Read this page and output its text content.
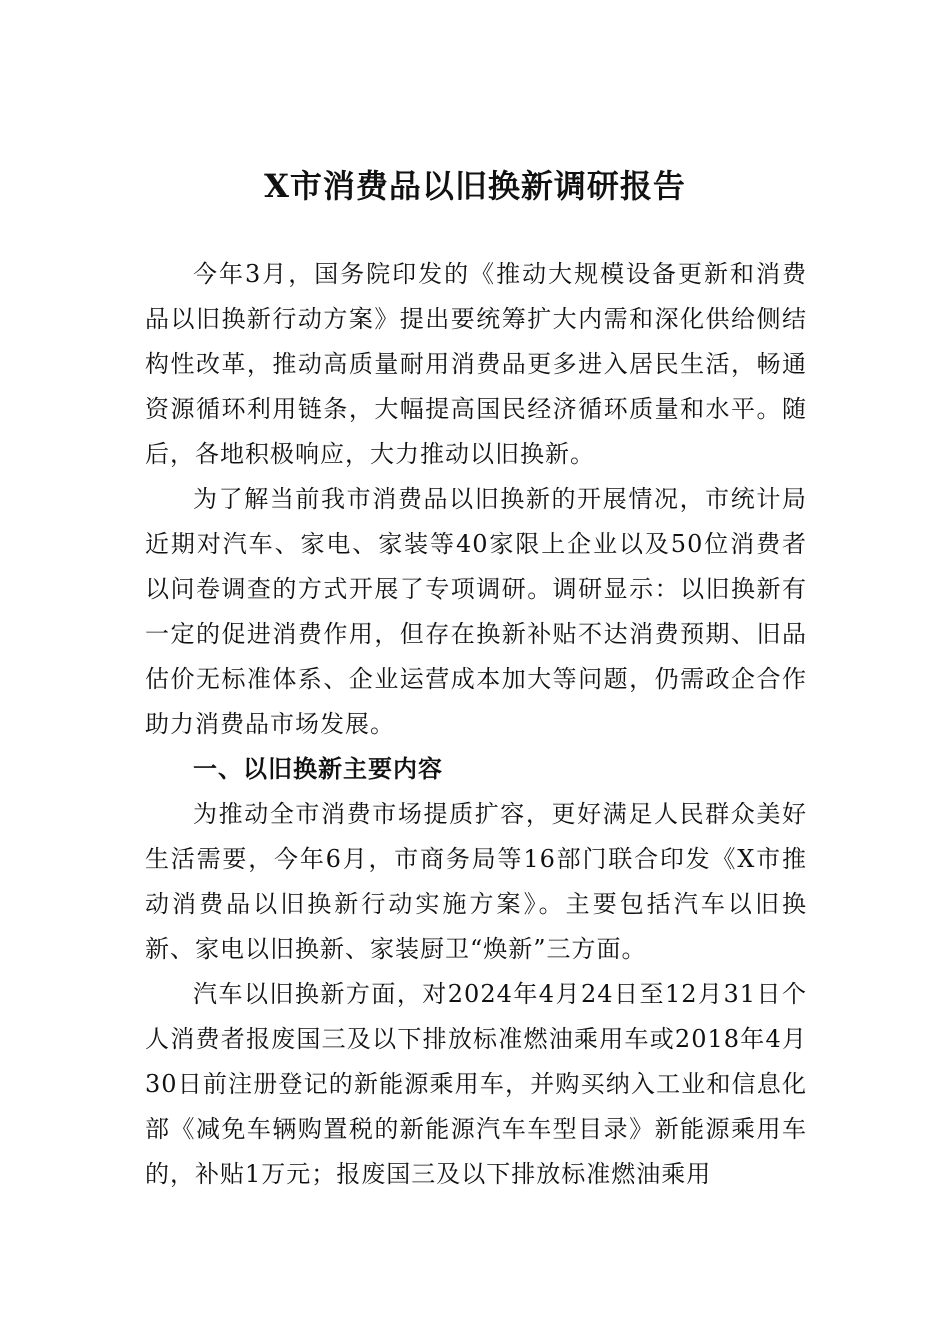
X市消费品以旧换新调研报告

今年3月，国务院印发的《推动大规模设备更新和消费品以旧换新行动方案》提出要统筹扩大内需和深化供给侧结构性改革，推动高质量耐用消费品更多进入居民生活，畅通资源循环利用链条，大幅提高国民经济循环质量和水平。随后，各地积极响应，大力推动以旧换新。

为了解当前我市消费品以旧换新的开展情况，市统计局近期对汽车、家电、家装等40家限上企业以及50位消费者以问卷调查的方式开展了专项调研。调研显示：以旧换新有一定的促进消费作用，但存在换新补贴不达消费预期、旧品估价无标准体系、企业运营成本加大等问题，仍需政企合作助力消费品市场发展。

一、以旧换新主要内容

为推动全市消费市场提质扩容，更好满足人民群众美好生活需要，今年6月，市商务局等16部门联合印发《X市推动消费品以旧换新行动实施方案》。主要包括汽车以旧换新、家电以旧换新、家装厨卫“焕新”三方面。

汽车以旧换新方面，对2024年4月24日至12月31日个人消费者报废国三及以下排放标准燃油乘用车或2018年4月30日前注册登记的新能源乘用车，并购买纳入工业和信息化部《减免车辆购置税的新能源汽车车型目录》新能源乘用车的，补贴1万元；报废国三及以下排放标准燃油乘用
